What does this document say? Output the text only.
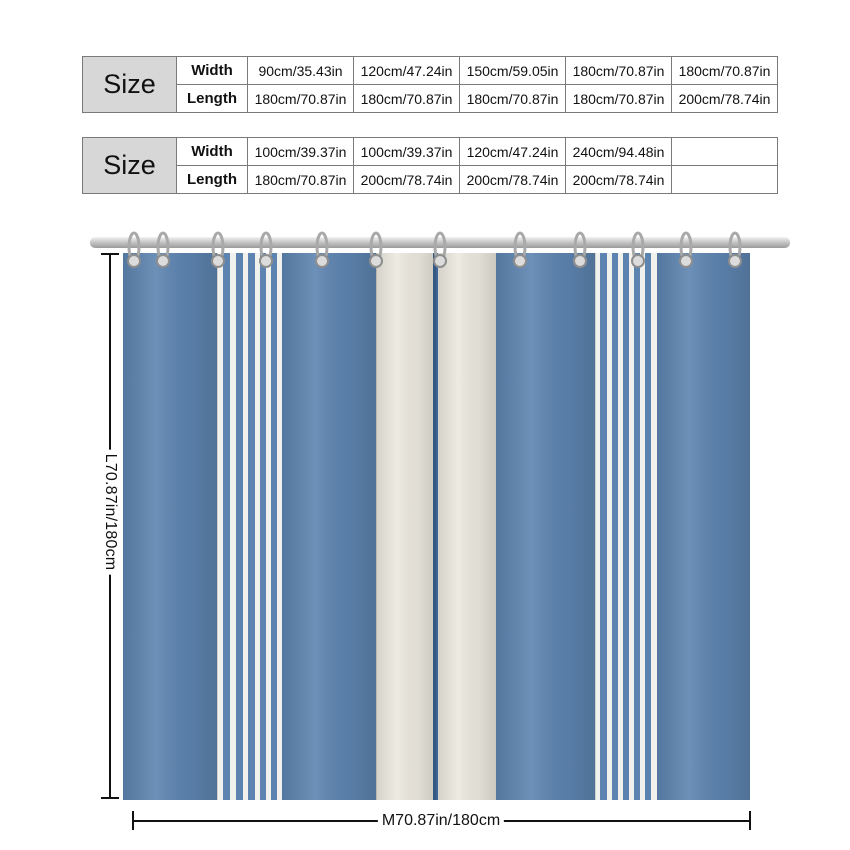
Size	Width	90cm/35.43in	120cm/47.24in	150cm/59.05in	180cm/70.87in	180cm/70.87in
	Length	180cm/70.87in	180cm/70.87in	180cm/70.87in	180cm/70.87in	200cm/78.74in
Size	Width	100cm/39.37in	100cm/39.37in	120cm/47.24in	240cm/94.48in	
	Length	180cm/70.87in	200cm/78.74in	200cm/78.74in	200cm/78.74in	
L70.87in/180cm
M70.87in/180cm
